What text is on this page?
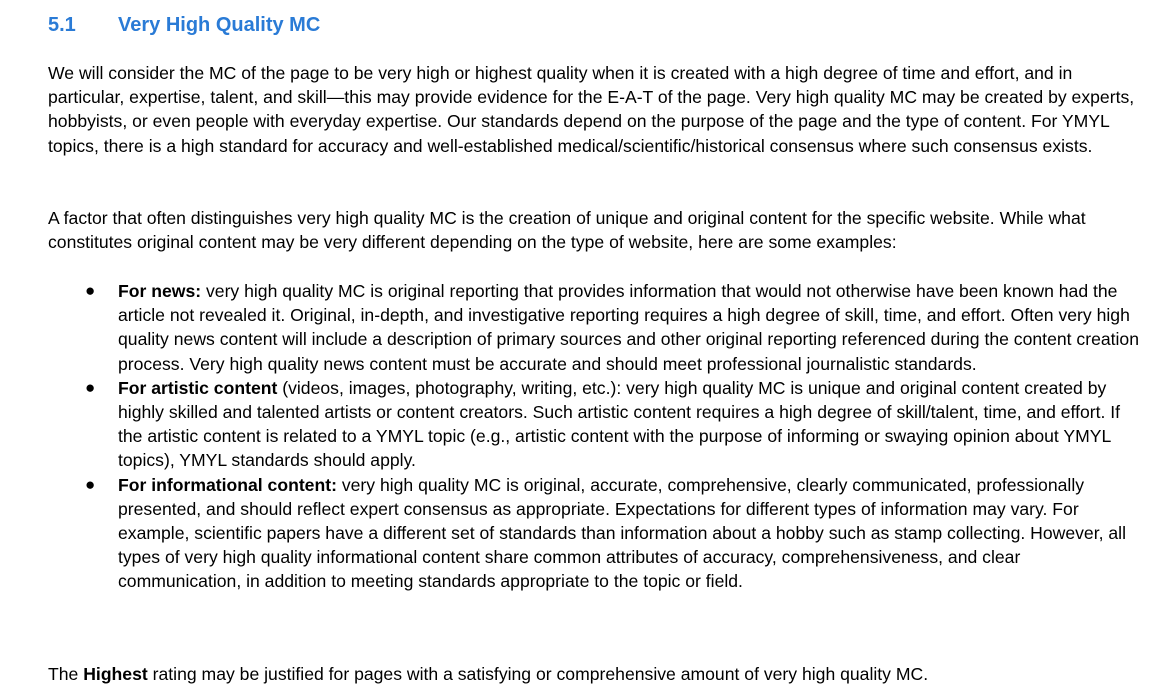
5.1 Very High Quality MC

We will consider the MC of the page to be very high or highest quality when it is created with a high degree of time and effort, and in particular, expertise, talent, and skill—this may provide evidence for the E-A-T of the page. Very high quality MC may be created by experts, hobbyists, or even people with everyday expertise. Our standards depend on the purpose of the page and the type of content. For YMYL topics, there is a high standard for accuracy and well-established medical/scientific/historical consensus where such consensus exists.

A factor that often distinguishes very high quality MC is the creation of unique and original content for the specific website. While what constitutes original content may be very different depending on the type of website, here are some examples:

● For news: very high quality MC is original reporting that provides information that would not otherwise have been known had the article not revealed it. Original, in-depth, and investigative reporting requires a high degree of skill, time, and effort. Often very high quality news content will include a description of primary sources and other original reporting referenced during the content creation process. Very high quality news content must be accurate and should meet professional journalistic standards.
● For artistic content (videos, images, photography, writing, etc.): very high quality MC is unique and original content created by highly skilled and talented artists or content creators. Such artistic content requires a high degree of skill/talent, time, and effort. If the artistic content is related to a YMYL topic (e.g., artistic content with the purpose of informing or swaying opinion about YMYL topics), YMYL standards should apply.
● For informational content: very high quality MC is original, accurate, comprehensive, clearly communicated, professionally presented, and should reflect expert consensus as appropriate. Expectations for different types of information may vary. For example, scientific papers have a different set of standards than information about a hobby such as stamp collecting. However, all types of very high quality informational content share common attributes of accuracy, comprehensiveness, and clear communication, in addition to meeting standards appropriate to the topic or field.

The Highest rating may be justified for pages with a satisfying or comprehensive amount of very high quality MC.
